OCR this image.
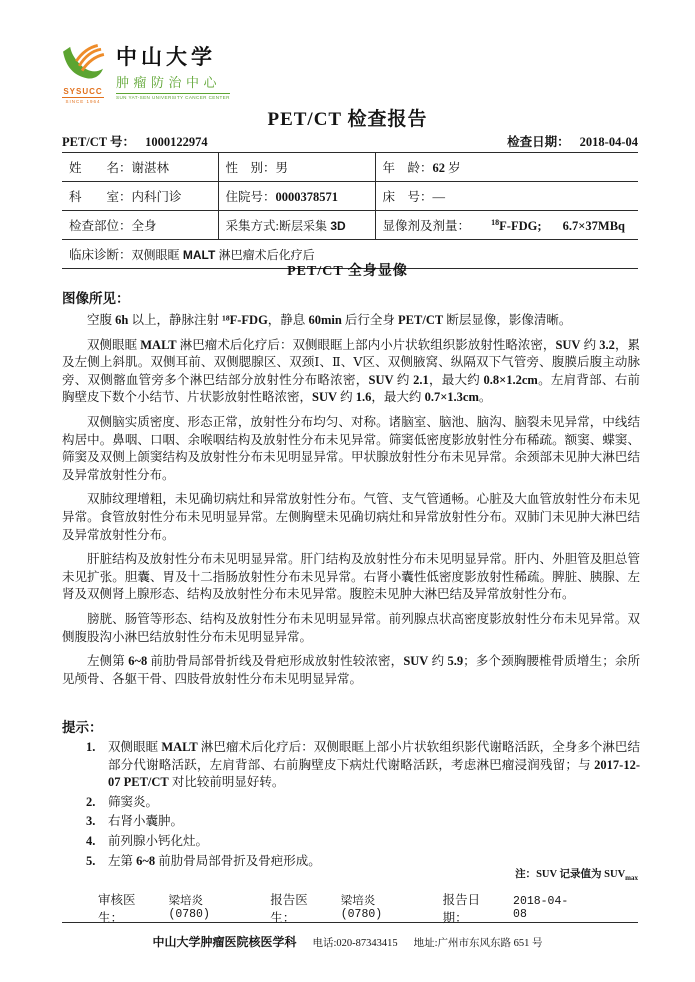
SYSUCC
SINCE 1964
中山大学
肿瘤防治中心
SUN YAT-SEN UNIVERSITY CANCER CENTER
PET/CT 检查报告
PET/CT 号： 1000122974	检查日期： 2018-04-04
姓　　名：谢湛林	性　别：男	年　龄：62 岁
科　　室：内科门诊	住院号：0000378571	床　号：—
检查部位：全身	采集方式:断层采集 3D	显像剂及剂量： $^{18}$F-FDG; 6.7×37MBq

临床诊断：双侧眼眶 MALT 淋巴瘤术后化疗后		
PET/CT 全身显像
图像所见：

空腹 6h 以上，静脉注射 ¹⁸F-FDG，静息 60min 后行全身 PET/CT 断层显像，影像清晰。

双侧眼眶 MALT 淋巴瘤术后化疗后：双侧眼眶上部内小片状软组织影放射性略浓密，SUV 约 3.2，累及左侧上斜肌。双侧耳前、双侧腮腺区、双颈Ⅰ、Ⅱ、Ⅴ区、双侧腋窝、纵隔双下气管旁、腹膜后腹主动脉旁、双侧髂血管旁多个淋巴结部分放射性分布略浓密，SUV 约 2.1，最大约 0.8×1.2cm。左肩背部、右前胸壁皮下数个小结节、片状影放射性略浓密，SUV 约 1.6，最大约 0.7×1.3cm。

双侧脑实质密度、形态正常，放射性分布均匀、对称。诸脑室、脑池、脑沟、脑裂未见异常，中线结构居中。鼻咽、口咽、余喉咽结构及放射性分布未见异常。筛窦低密度影放射性分布稀疏。额窦、蝶窦、筛窦及双侧上颌窦结构及放射性分布未见明显异常。甲状腺放射性分布未见异常。余颈部未见肿大淋巴结及异常放射性分布。

双肺纹理增粗，未见确切病灶和异常放射性分布。气管、支气管通畅。心脏及大血管放射性分布未见异常。食管放射性分布未见明显异常。左侧胸壁未见确切病灶和异常放射性分布。双肺门未见肿大淋巴结及异常放射性分布。

肝脏结构及放射性分布未见明显异常。肝门结构及放射性分布未见明显异常。肝内、外胆管及胆总管未见扩张。胆囊、胃及十二指肠放射性分布未见异常。右肾小囊性低密度影放射性稀疏。脾脏、胰腺、左肾及双侧肾上腺形态、结构及放射性分布未见异常。腹腔未见肿大淋巴结及异常放射性分布。

膀胱、肠管等形态、结构及放射性分布未见明显异常。前列腺点状高密度影放射性分布未见异常。双侧腹股沟小淋巴结放射性分布未见明显异常。

左侧第 6~8 前肋骨局部骨折线及骨疤形成放射性较浓密，SUV 约 5.9；多个颈胸腰椎骨质增生；余所见颅骨、各躯干骨、四肢骨放射性分布未见明显异常。

提示：
1.	双侧眼眶 MALT 淋巴瘤术后化疗后：双侧眼眶上部小片状软组织影代谢略活跃，全身多个淋巴结部分代谢略活跃，左肩背部、右前胸壁皮下病灶代谢略活跃，考虑淋巴瘤浸润残留；与 2017-12-07 PET/CT 对比较前明显好转。
2.	筛窦炎。
3.	右肾小囊肿。
4.	前列腺小钙化灶。
5.	左第 6~8 前肋骨局部骨折及骨疤形成。
注：SUV 记录值为 $SUV_{max}$
审核医生：
梁培炎(0780)
报告医生：
梁培炎(0780)
报告日期：
2018-04-08
中山大学肿瘤医院核医学科 电话:020-87343415 地址:广州市东风东路 651 号
